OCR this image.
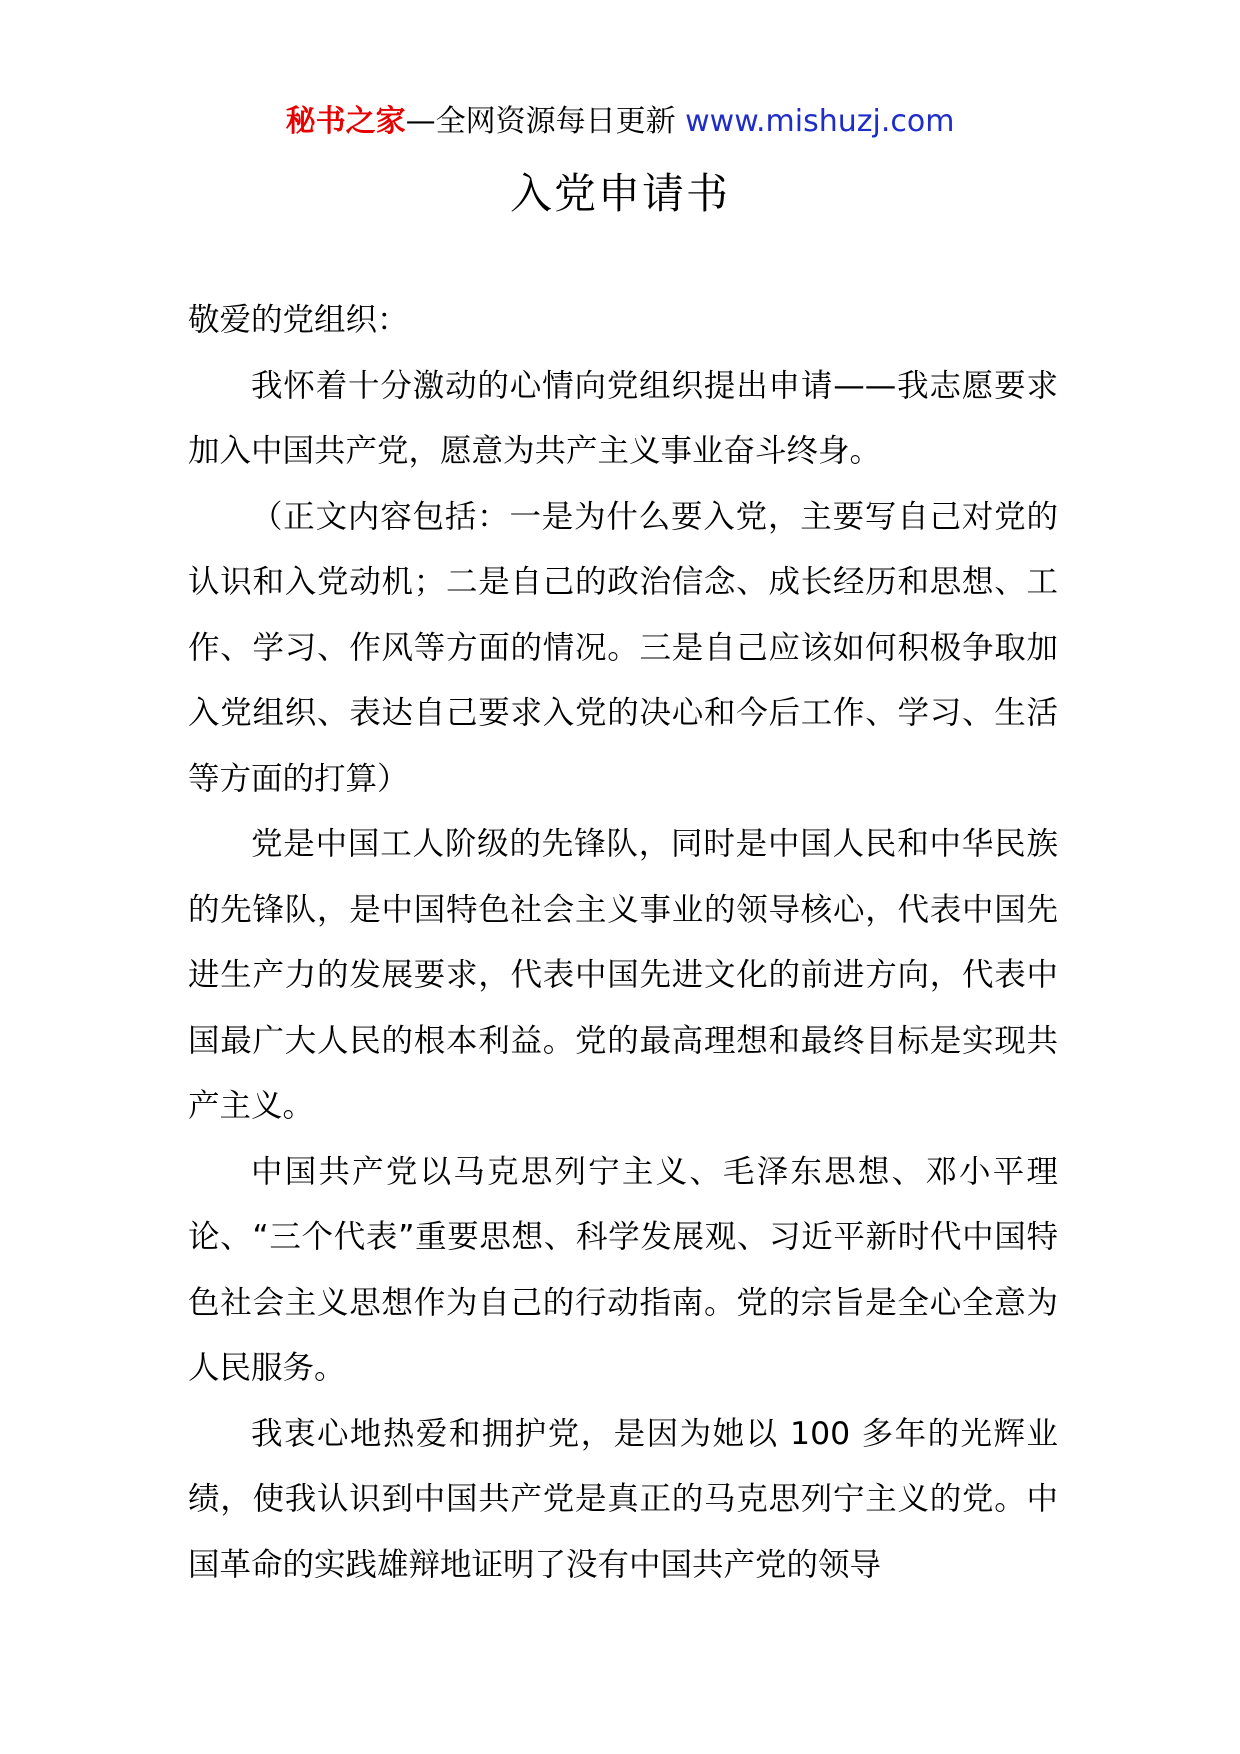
秘书之家—全网资源每日更新 www.mishuzj.com
入党申请书

敬爱的党组织：

我怀着十分激动的心情向党组织提出申请——我志愿要求加入中国共产党，愿意为共产主义事业奋斗终身。

（正文内容包括：一是为什么要入党，主要写自己对党的认识和入党动机；二是自己的政治信念、成长经历和思想、工作、学习、作风等方面的情况。三是自己应该如何积极争取加入党组织、表达自己要求入党的决心和今后工作、学习、生活等方面的打算）

党是中国工人阶级的先锋队，同时是中国人民和中华民族的先锋队，是中国特色社会主义事业的领导核心，代表中国先进生产力的发展要求，代表中国先进文化的前进方向，代表中国最广大人民的根本利益。党的最高理想和最终目标是实现共产主义。

中国共产党以马克思列宁主义、毛泽东思想、邓小平理论、“三个代表”重要思想、科学发展观、习近平新时代中国特色社会主义思想作为自己的行动指南。党的宗旨是全心全意为人民服务。

我衷心地热爱和拥护党，是因为她以 100 多年的光辉业绩，使我认识到中国共产党是真正的马克思列宁主义的党。中国革命的实践雄辩地证明了没有中国共产党的领导
